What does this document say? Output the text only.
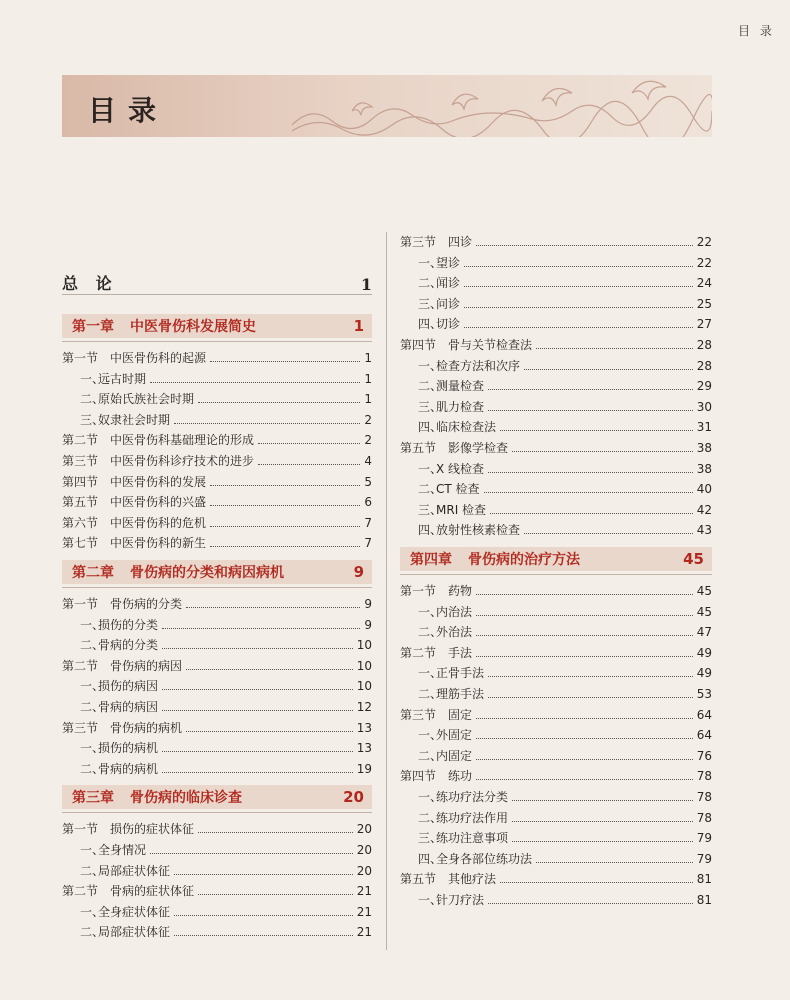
目 录
目录
总 论	1
第一章 中医骨伤科发展简史	1
第一节 中医骨伤科的起源	1
一、远古时期	1
二、原始氏族社会时期	1
三、奴隶社会时期	2
第二节 中医骨伤科基础理论的形成	2
第三节 中医骨伤科诊疗技术的进步	4
第四节 中医骨伤科的发展	5
第五节 中医骨伤科的兴盛	6
第六节 中医骨伤科的危机	7
第七节 中医骨伤科的新生	7
第二章 骨伤病的分类和病因病机	9
第一节 骨伤病的分类	9
一、损伤的分类	9
二、骨病的分类	10
第二节 骨伤病的病因	10
一、损伤的病因	10
二、骨病的病因	12
第三节 骨伤病的病机	13
一、损伤的病机	13
二、骨病的病机	19
第三章 骨伤病的临床诊查	20
第一节 损伤的症状体征	20
一、全身情况	20
二、局部症状体征	20
第二节 骨病的症状体征	21
一、全身症状体征	21
二、局部症状体征	21
第三节 四诊	22
一、望诊	22
二、闻诊	24
三、问诊	25
四、切诊	27
第四节 骨与关节检查法	28
一、检查方法和次序	28
二、测量检查	29
三、肌力检查	30
四、临床检查法	31
第五节 影像学检查	38
一、X 线检查	38
二、CT 检查	40
三、MRI 检查	42
四、放射性核素检查	43
第四章 骨伤病的治疗方法	45
第一节 药物	45
一、内治法	45
二、外治法	47
第二节 手法	49
一、正骨手法	49
二、理筋手法	53
第三节 固定	64
一、外固定	64
二、内固定	76
第四节 练功	78
一、练功疗法分类	78
二、练功疗法作用	78
三、练功注意事项	79
四、全身各部位练功法	79
第五节 其他疗法	81
一、针刀疗法	81
